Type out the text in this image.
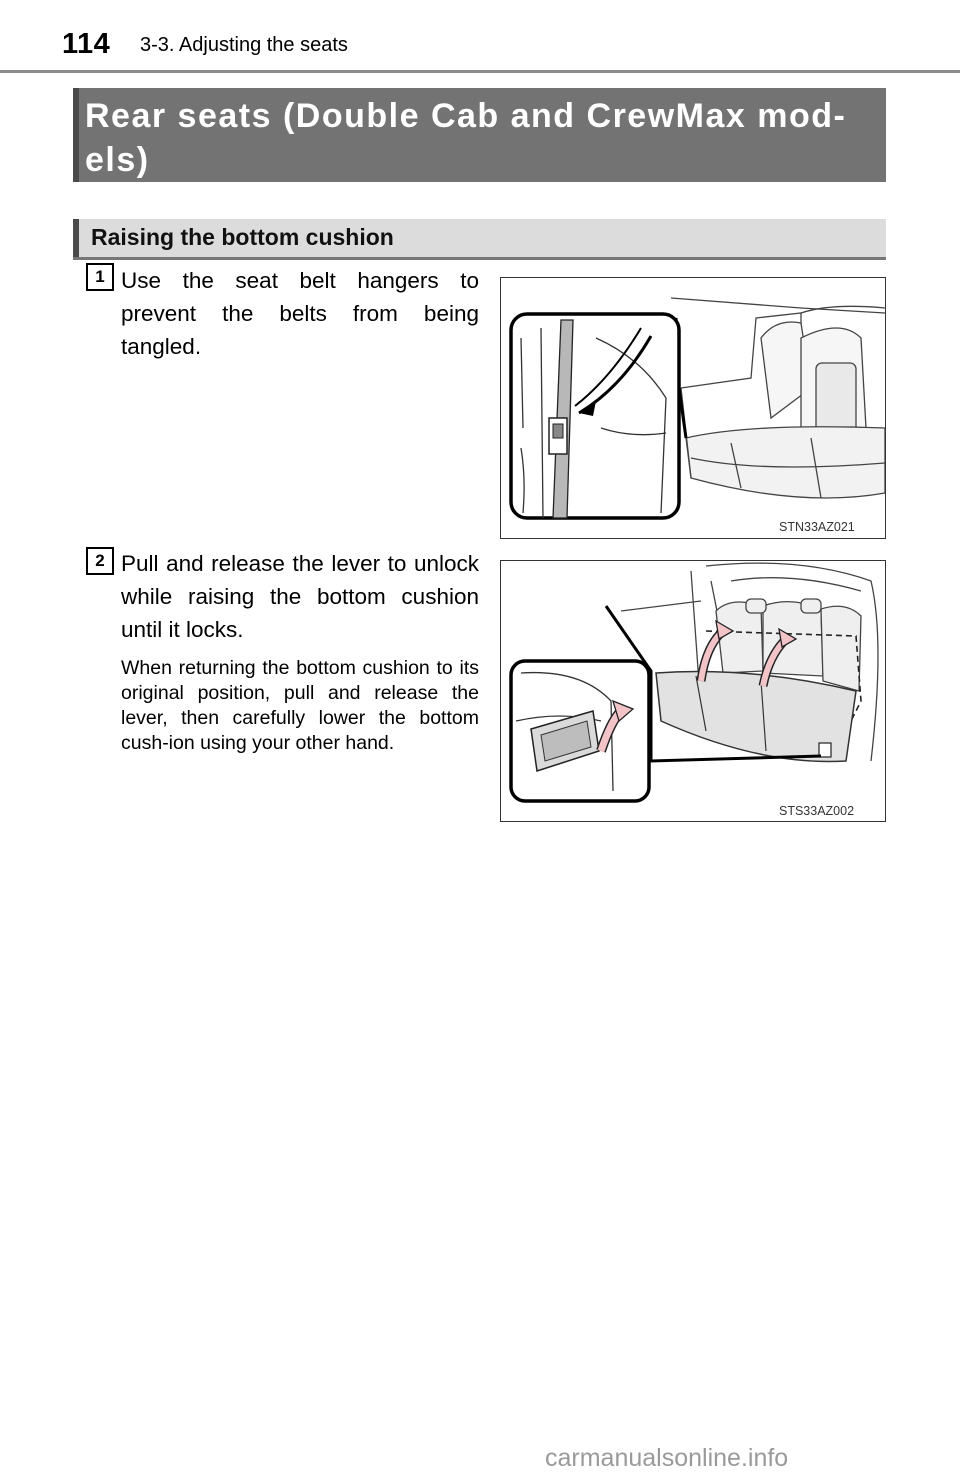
114 3-3. Adjusting the seats
Rear seats (Double Cab and CrewMax mod-els)
Raising the bottom cushion
1 Use the seat belt hangers to prevent the belts from being tangled.
STN33AZ021
2 Pull and release the lever to unlock while raising the bottom cushion until it locks.
When returning the bottom cushion to its original position, pull and release the lever, then carefully lower the bottom cush-ion using your other hand.
STS33AZ002
carmanualsonline.info
